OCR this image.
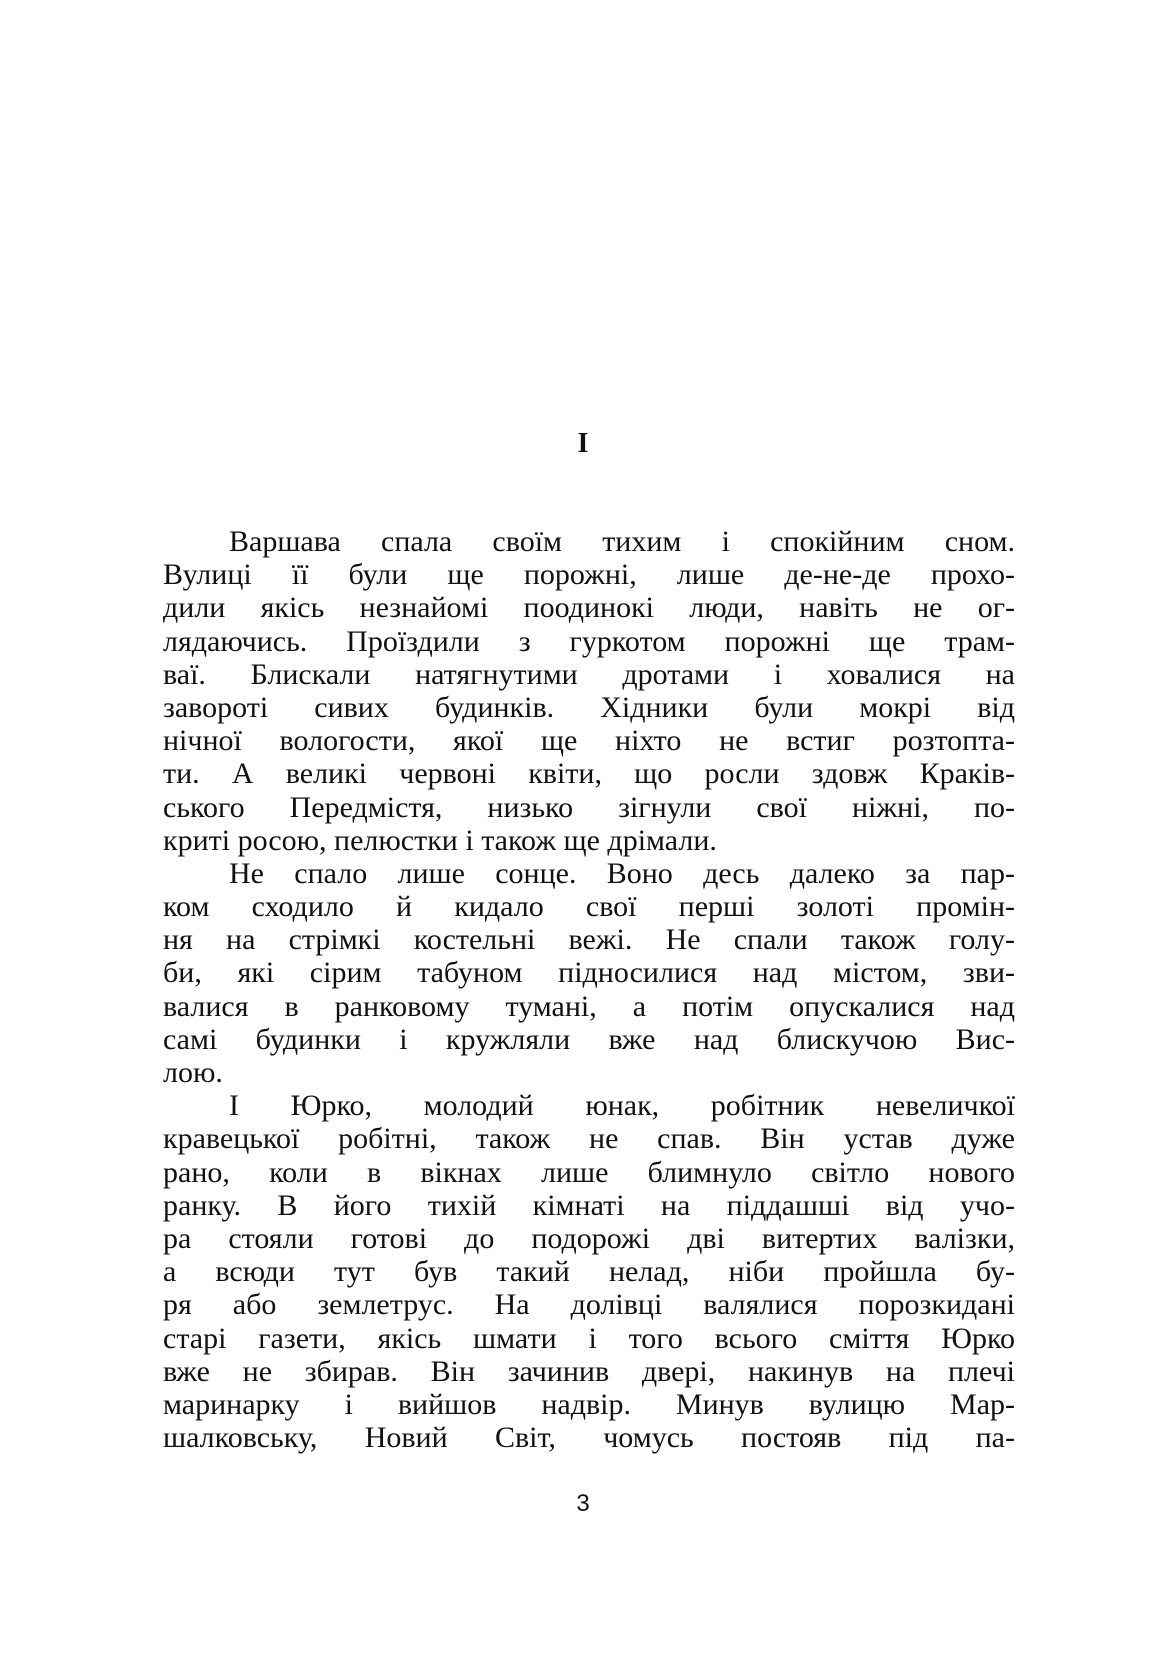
I
Варшава спала своїм тихим і спокійним сном.
Вулиці її були ще порожні, лише де-не-де прохо-
дили якісь незнайомі поодинокі люди, навіть не ог-
лядаючись. Проїздили з гуркотом порожні ще трам-
ваї. Блискали натягнутими дротами і ховалися на
завороті сивих будинків. Хідники були мокрі від
нічної вологости, якої ще ніхто не встиг розтопта-
ти. А великі червоні квіти, що росли здовж Кракiв-
ського Передмістя, низько зігнули свої ніжні, по-
криті росою, пелюстки і також ще дрімали.
Не спало лише сонце. Воно десь далеко за пар-
ком сходило й кидало свої перші золоті промін-
ня на стрімкі костельні вежі. Не спали також голу-
би, які сірим табуном підносилися над містом, зви-
валися в ранковому тумані, а потім опускалися над
самі будинки і кружляли вже над блискучою Вис-
лою.
І Юрко, молодий юнак, робітник невеличкої
кравецької робітні, також не спав. Він устав дуже
рано, коли в вікнах лише блимнуло світло нового
ранку. В його тихій кімнаті на піддашші від учо-
ра стояли готові до подорожі дві витертих валізки,
а всюди тут був такий нелад, ніби пройшла бу-
ря або землетрус. На долівці валялися порозкидані
старі газети, якісь шмати і того всього сміття Юрко
вже не збирав. Він зачинив двері, накинув на плечі
маринарку і вийшов надвір. Минув вулицю Мар-
шалковську, Новий Світ, чомусь постояв під па-
3
